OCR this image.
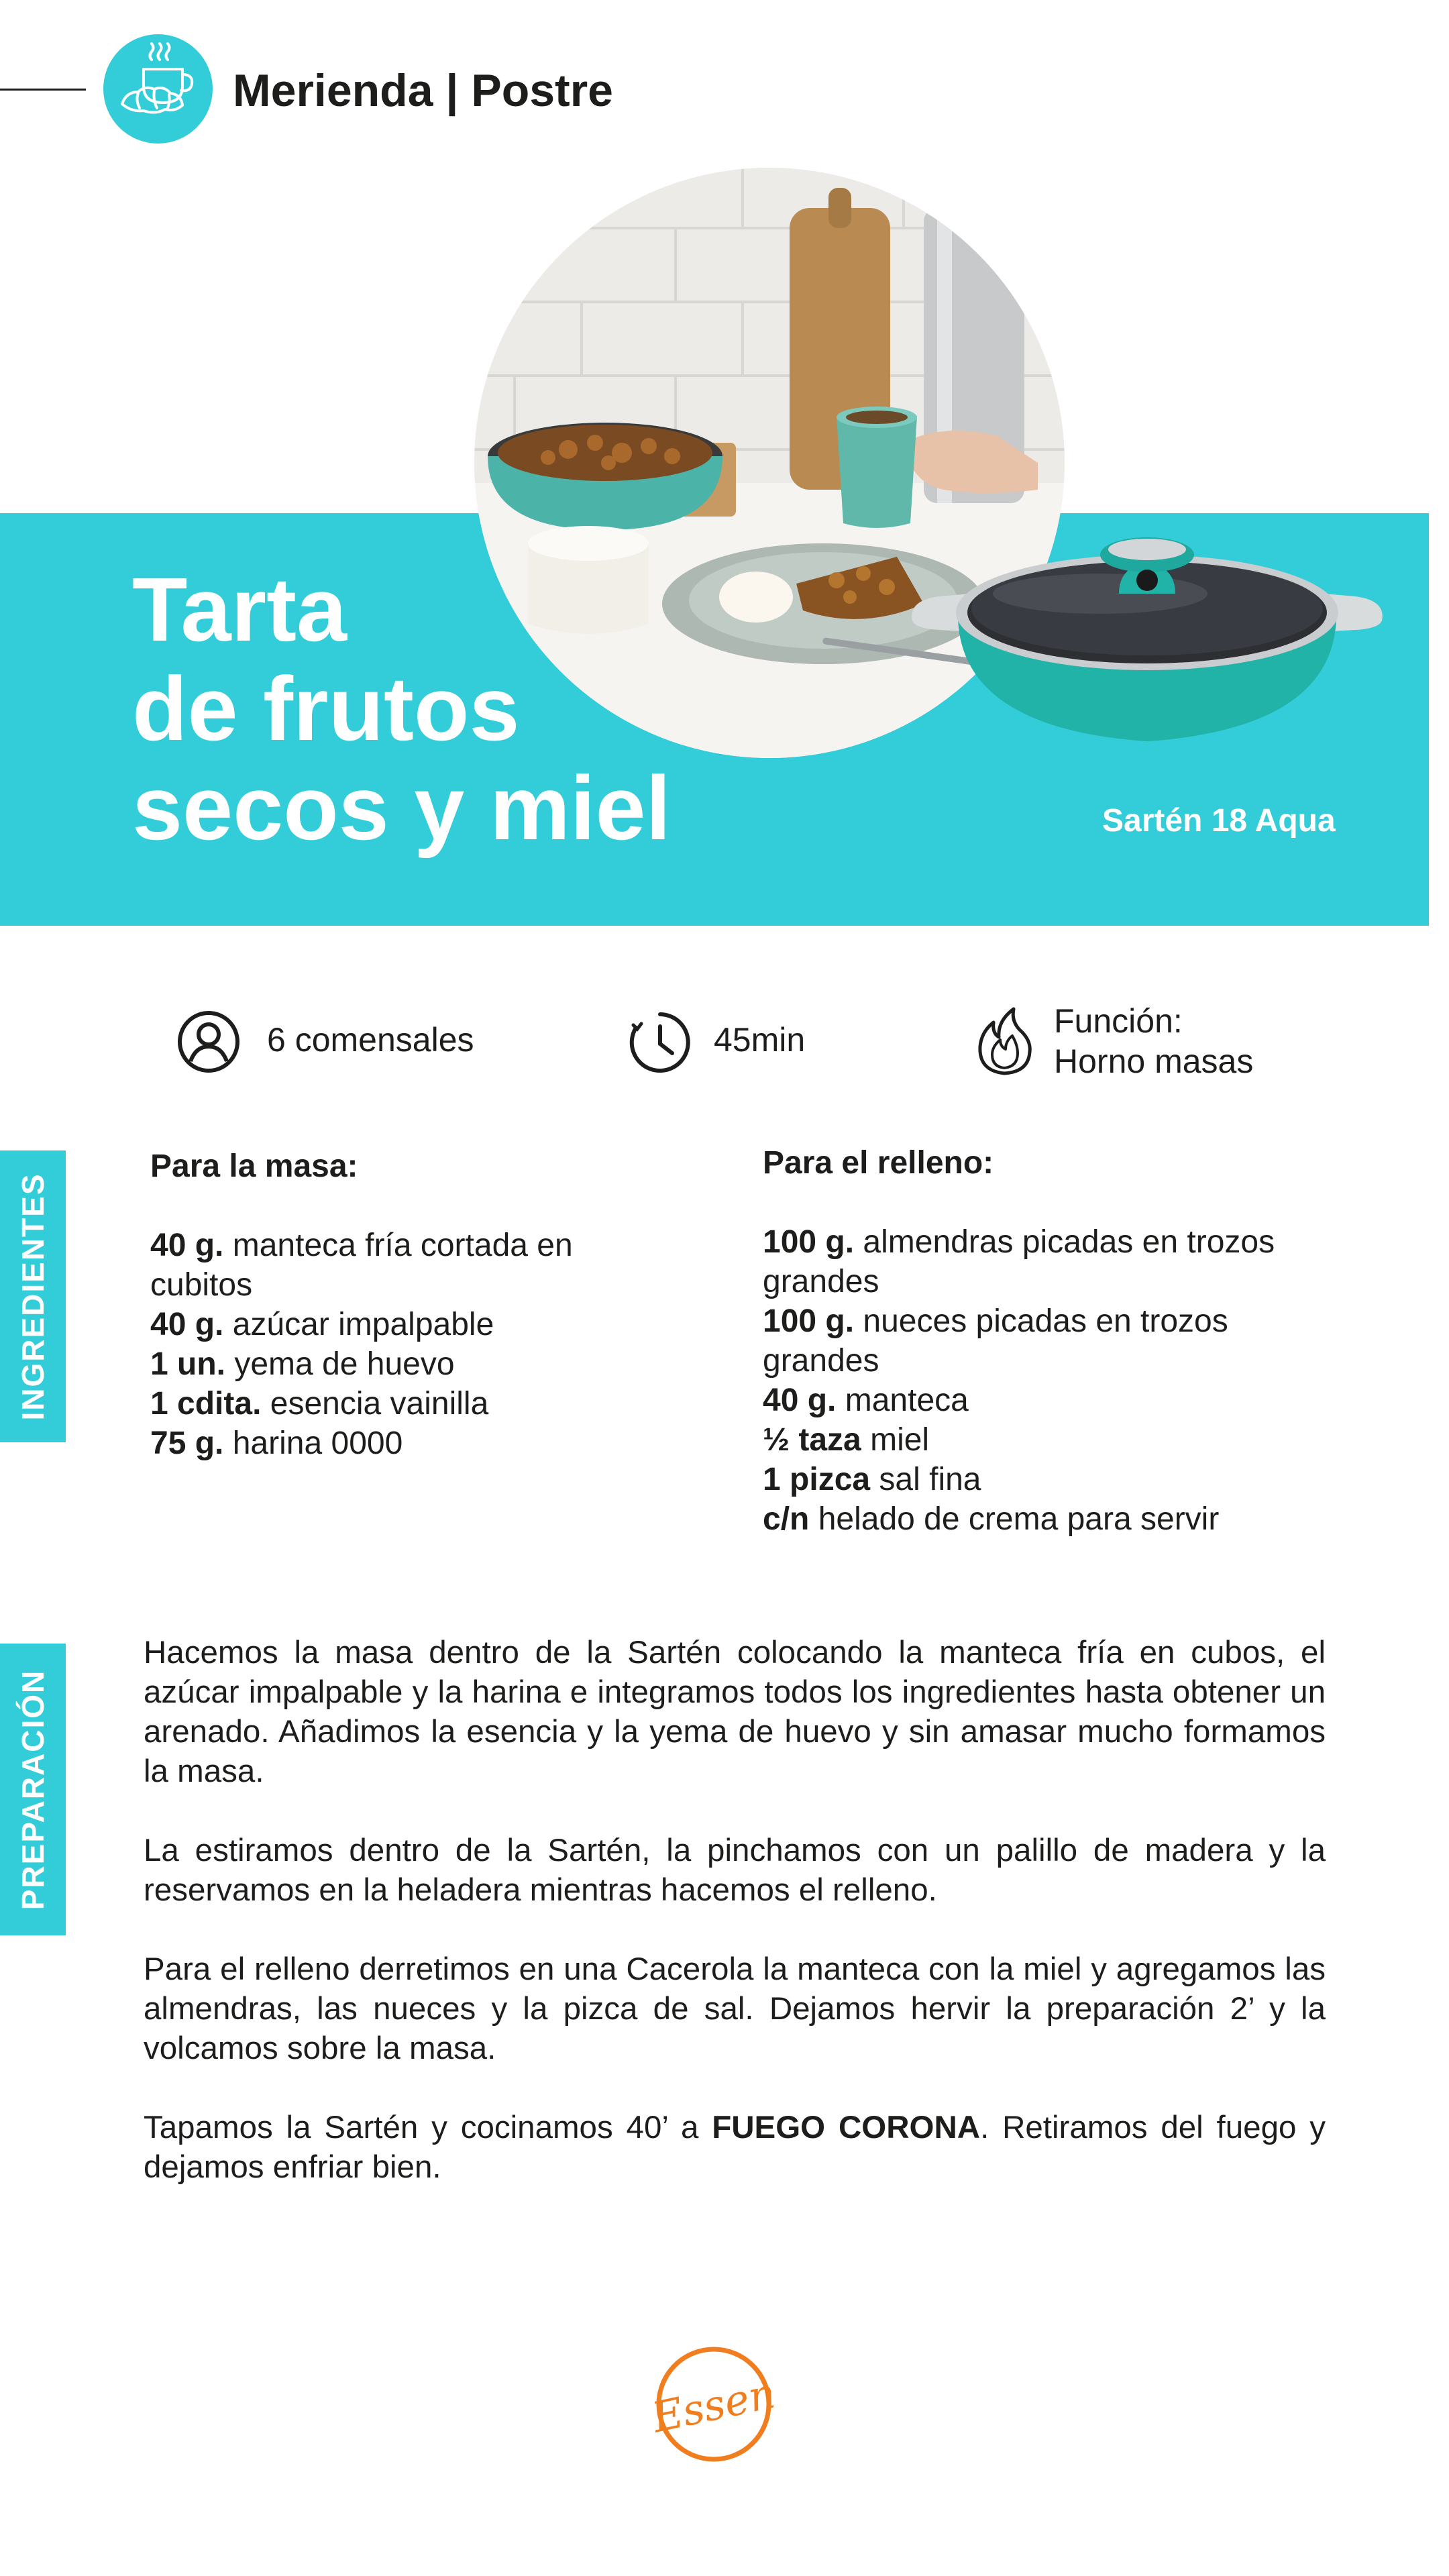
Merienda | Postre
Tarta
de frutos
secos y miel	Sartén 18 Aqua
6 comensales	45min	Función:
Horno masas
INGREDIENTES
Para la masa:
40 g. manteca fría cortada en
cubitos
40 g. azúcar impalpable
1 un. yema de huevo
1 cdita. esencia vainilla
75 g. harina 0000
Para el relleno:
100 g. almendras picadas en trozos
grandes
100 g. nueces picadas en trozos
grandes
40 g. manteca
½ taza miel
1 pizca sal fina
c/n helado de crema para servir
PREPARACIÓN

Hacemos la masa dentro de la Sartén colocando la manteca fría en cubos, el azúcar impalpable y la harina e integramos todos los ingredientes hasta obtener un arenado. Añadimos la esencia y la yema de huevo y sin amasar mucho formamos la masa.

La estiramos dentro de la Sartén, la pinchamos con un palillo de madera y la reservamos en la heladera mientras hacemos el relleno.

Para el relleno derretimos en una Cacerola la manteca con la miel y agregamos las almendras, las nueces y la pizca de sal. Dejamos hervir la preparación 2’ y la volcamos sobre la masa.

Tapamos la Sartén y cocinamos 40’ a FUEGO CORONA. Retiramos del fuego y dejamos enfriar bien.

Essen
